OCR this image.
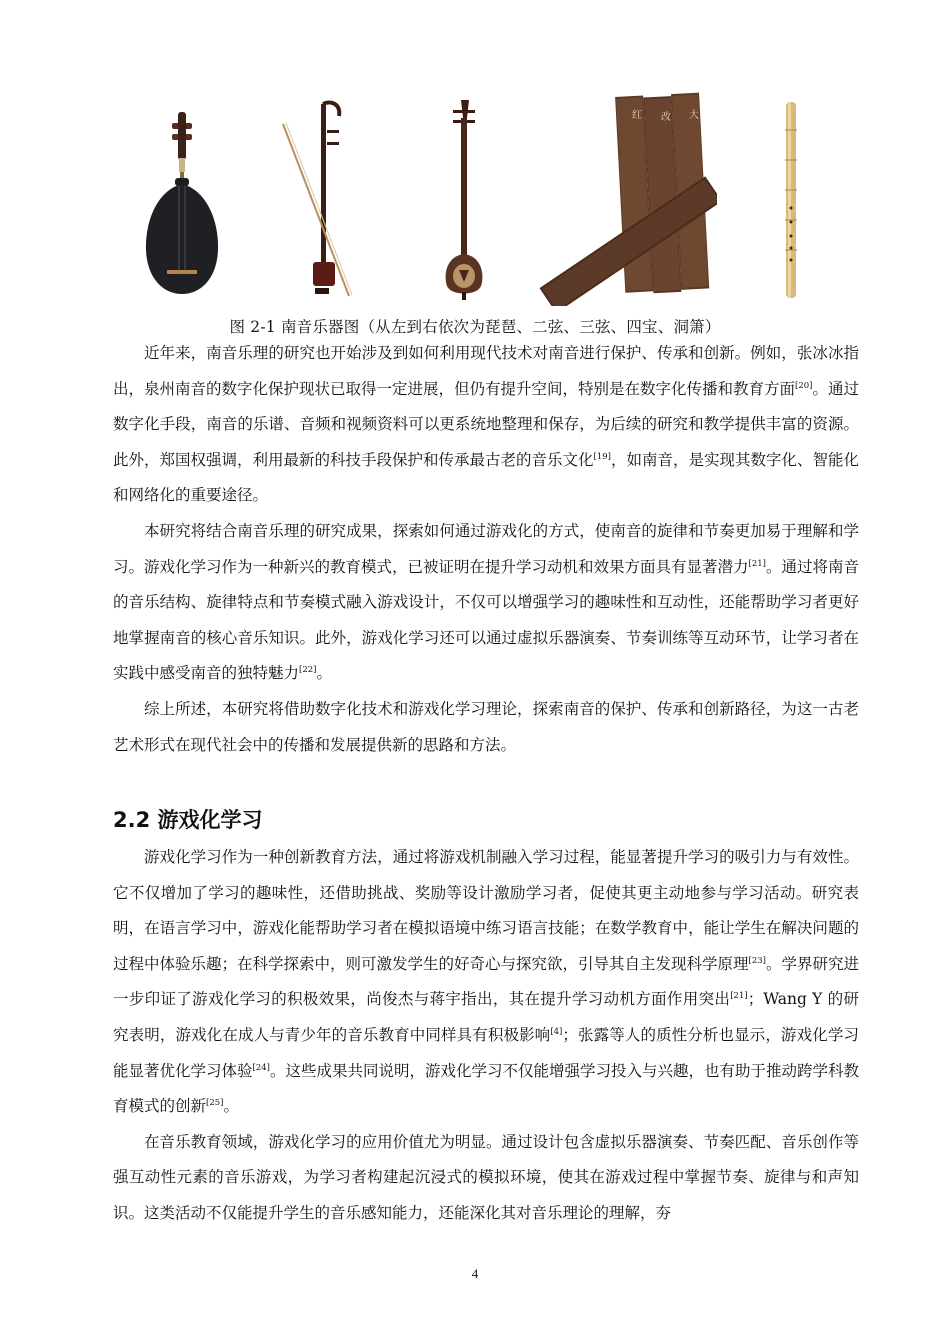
红 改 大
图 2-1 南音乐器图（从左到右依次为琵琶、二弦、三弦、四宝、洞箫）

近年来，南音乐理的研究也开始涉及到如何利用现代技术对南音进行保护、传承和创新。例如，张冰冰指出，泉州南音的数字化保护现状已取得一定进展，但仍有提升空间，特别是在数字化传播和教育方面[20]。通过数字化手段，南音的乐谱、音频和视频资料可以更系统地整理和保存，为后续的研究和教学提供丰富的资源。此外，郑国权强调，利用最新的科技手段保护和传承最古老的音乐文化[19]，如南音，是实现其数字化、智能化和网络化的重要途径。

本研究将结合南音乐理的研究成果，探索如何通过游戏化的方式，使南音的旋律和节奏更加易于理解和学习。游戏化学习作为一种新兴的教育模式，已被证明在提升学习动机和效果方面具有显著潜力[21]。通过将南音的音乐结构、旋律特点和节奏模式融入游戏设计，不仅可以增强学习的趣味性和互动性，还能帮助学习者更好地掌握南音的核心音乐知识。此外，游戏化学习还可以通过虚拟乐器演奏、节奏训练等互动环节，让学习者在实践中感受南音的独特魅力[22]。

综上所述，本研究将借助数字化技术和游戏化学习理论，探索南音的保护、传承和创新路径，为这一古老艺术形式在现代社会中的传播和发展提供新的思路和方法。

2.2 游戏化学习

游戏化学习作为一种创新教育方法，通过将游戏机制融入学习过程，能显著提升学习的吸引力与有效性。它不仅增加了学习的趣味性，还借助挑战、奖励等设计激励学习者，促使其更主动地参与学习活动。研究表明，在语言学习中，游戏化能帮助学习者在模拟语境中练习语言技能；在数学教育中，能让学生在解决问题的过程中体验乐趣；在科学探索中，则可激发学生的好奇心与探究欲，引导其自主发现科学原理[23]。学界研究进一步印证了游戏化学习的积极效果，尚俊杰与蒋宇指出，其在提升学习动机方面作用突出[21]；Wang Y 的研究表明，游戏化在成人与青少年的音乐教育中同样具有积极影响[4]；张露等人的质性分析也显示，游戏化学习能显著优化学习体验[24]。这些成果共同说明，游戏化学习不仅能增强学习投入与兴趣，也有助于推动跨学科教育模式的创新[25]。

在音乐教育领域，游戏化学习的应用价值尤为明显。通过设计包含虚拟乐器演奏、节奏匹配、音乐创作等强互动性元素的音乐游戏，为学习者构建起沉浸式的模拟环境，使其在游戏过程中掌握节奏、旋律与和声知识。这类活动不仅能提升学生的音乐感知能力，还能深化其对音乐理论的理解，夯

4
